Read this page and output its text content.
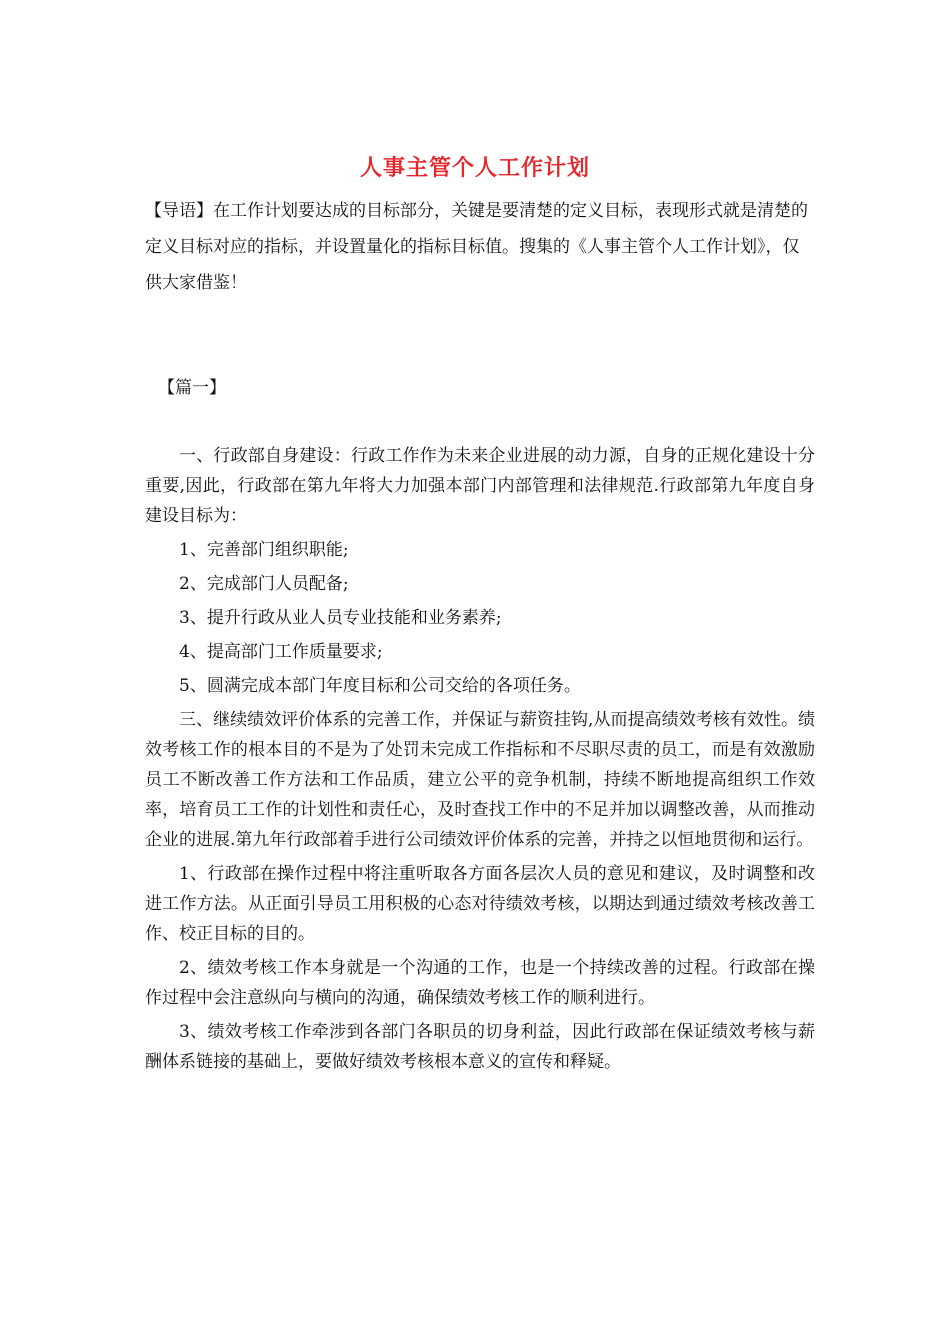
人事主管个人工作计划
【导语】在工作计划要达成的目标部分，关键是要清楚的定义目标，表现形式就是清楚的定义目标对应的指标，并设置量化的指标目标值。搜集的《人事主管个人工作计划》，仅供大家借鉴！
【篇一】

一、行政部自身建设：行政工作作为未来企业进展的动力源，自身的正规化建设十分重要,因此，行政部在第九年将大力加强本部门内部管理和法律规范.行政部第九年度自身建设目标为：

1、完善部门组织职能;

2、完成部门人员配备;

3、提升行政从业人员专业技能和业务素养;

4、提高部门工作质量要求;

5、圆满完成本部门年度目标和公司交给的各项任务。

三、继续绩效评价体系的完善工作，并保证与薪资挂钩,从而提高绩效考核有效性。绩效考核工作的根本目的不是为了处罚未完成工作指标和不尽职尽责的员工，而是有效激励员工不断改善工作方法和工作品质，建立公平的竞争机制，持续不断地提高组织工作效率，培育员工工作的计划性和责任心，及时查找工作中的不足并加以调整改善，从而推动企业的进展.第九年行政部着手进行公司绩效评价体系的完善，并持之以恒地贯彻和运行。

1、行政部在操作过程中将注重听取各方面各层次人员的意见和建议，及时调整和改进工作方法。从正面引导员工用积极的心态对待绩效考核，以期达到通过绩效考核改善工作、校正目标的目的。

2、绩效考核工作本身就是一个沟通的工作，也是一个持续改善的过程。行政部在操作过程中会注意纵向与横向的沟通，确保绩效考核工作的顺利进行。

3、绩效考核工作牵涉到各部门各职员的切身利益，因此行政部在保证绩效考核与薪酬体系链接的基础上，要做好绩效考核根本意义的宣传和释疑。
